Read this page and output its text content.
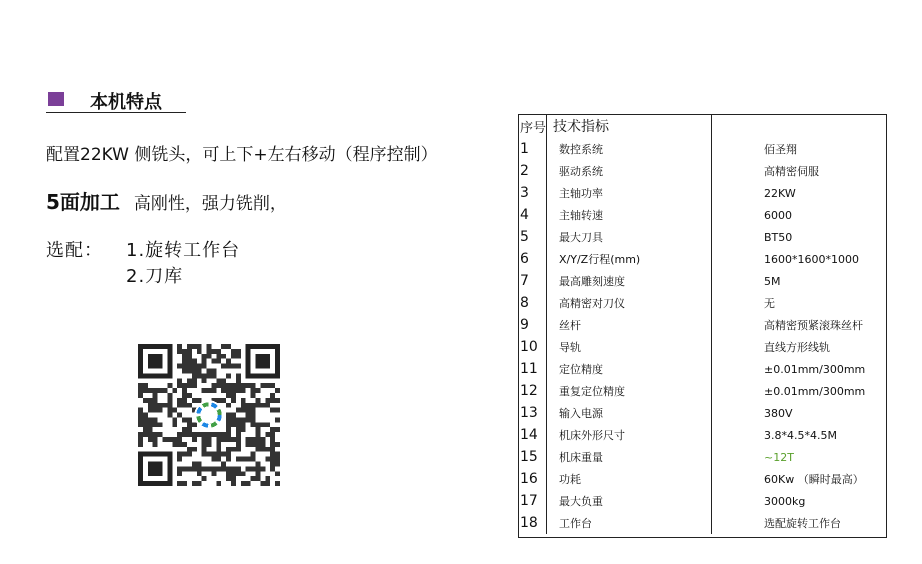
本机特点
配置22KW 侧铣头，可上下+左右移动（程序控制）
5面加工 高刚性，强力铣削，
选配： 1.旋转工作台
2.刀库
序号	技术指标	
1	数控系统	佰圣翔
2	驱动系统	高精密伺服
3	主轴功率	22KW
4	主轴转速	6000
5	最大刀具	BT50
6	X/Y/Z行程(mm)	1600*1600*1000
7	最高雕刻速度	5M
8	高精密对刀仪	无
9	丝杆	高精密预紧滚珠丝杆
10	导轨	直线方形线轨
11	定位精度	±0.01mm/300mm
12	重复定位精度	±0.01mm/300mm
13	输入电源	380V
14	机床外形尺寸	3.8*4.5*4.5M
15	机床重量	~12T
16	功耗	60Kw （瞬时最高）
17	最大负重	3000kg
18	工作台	选配旋转工作台
